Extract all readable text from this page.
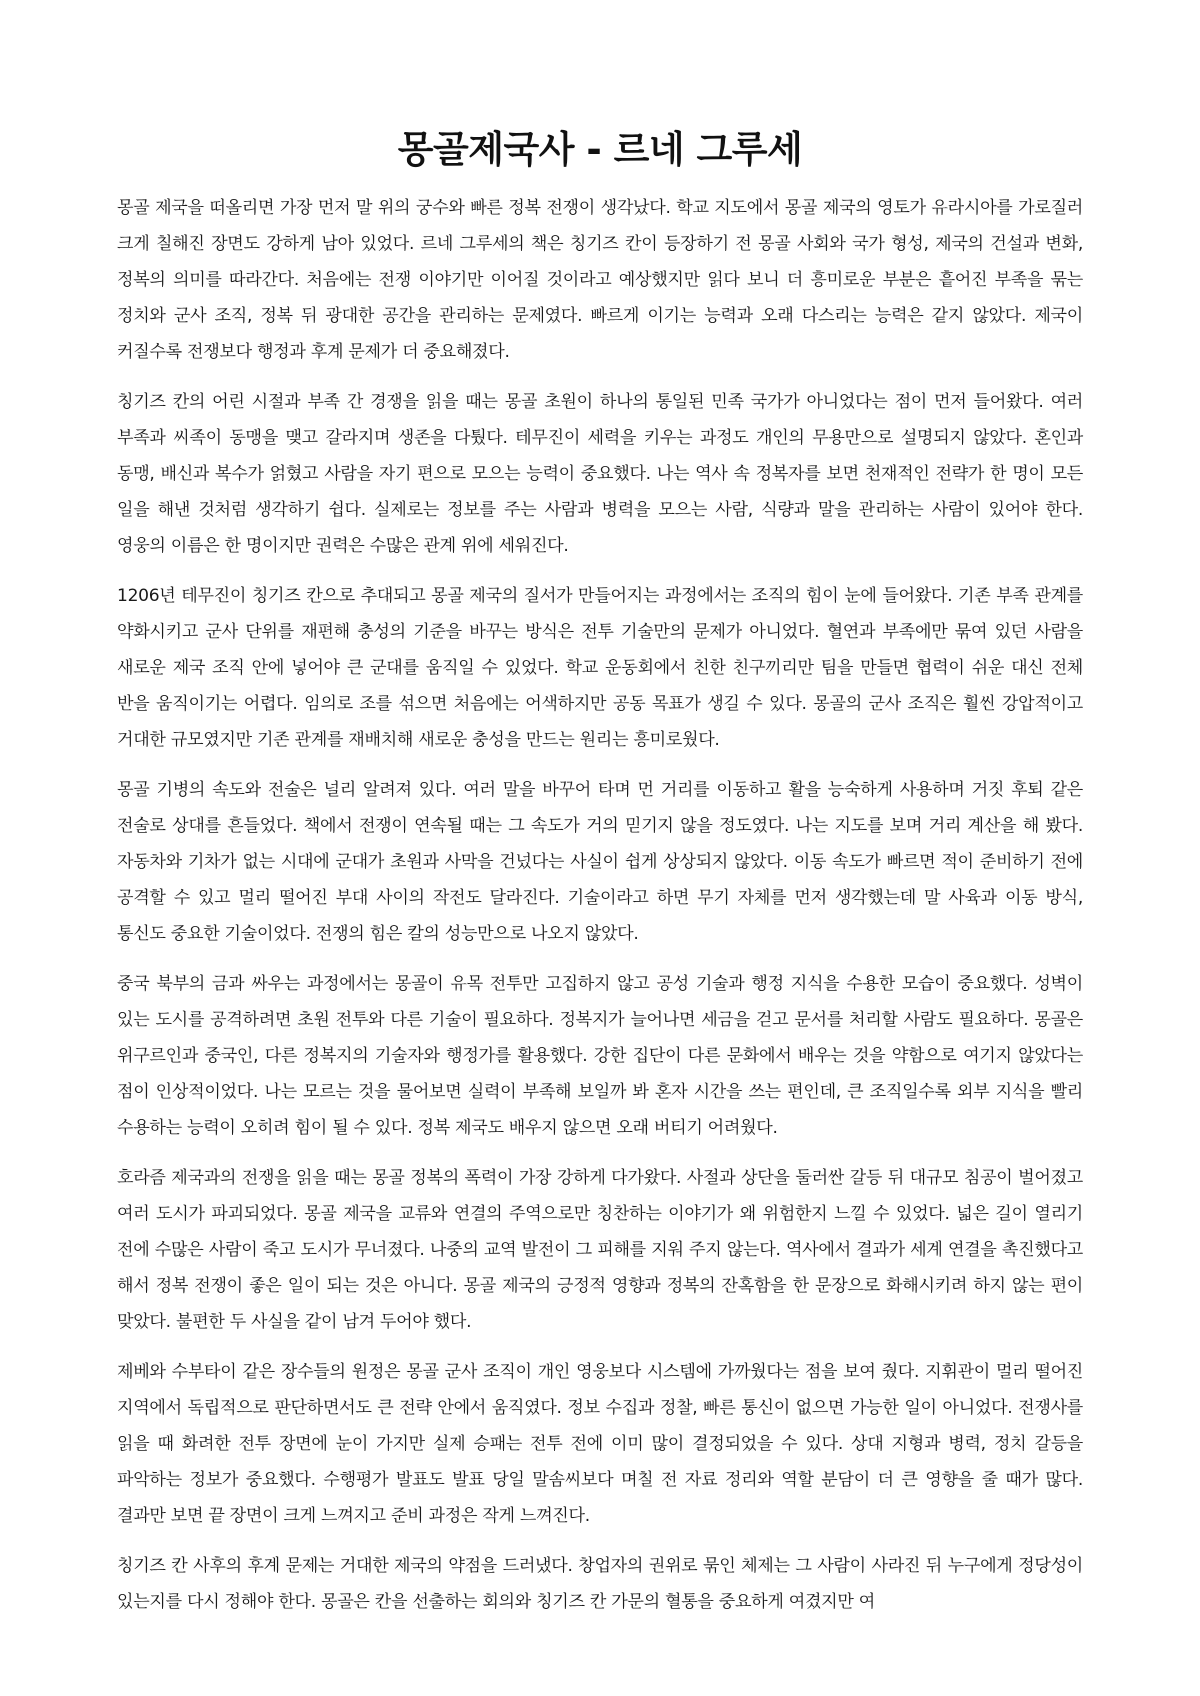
몽골제국사 - 르네 그루세

몽골 제국을 떠올리면 가장 먼저 말 위의 궁수와 빠른 정복 전쟁이 생각났다. 학교 지도에서 몽골 제국의 영토가 유라시아를 가로질러 크게 칠해진 장면도 강하게 남아 있었다. 르네 그루세의 책은 칭기즈 칸이 등장하기 전 몽골 사회와 국가 형성, 제국의 건설과 변화, 정복의 의미를 따라간다. 처음에는 전쟁 이야기만 이어질 것이라고 예상했지만 읽다 보니 더 흥미로운 부분은 흩어진 부족을 묶는 정치와 군사 조직, 정복 뒤 광대한 공간을 관리하는 문제였다. 빠르게 이기는 능력과 오래 다스리는 능력은 같지 않았다. 제국이 커질수록 전쟁보다 행정과 후계 문제가 더 중요해졌다.

칭기즈 칸의 어린 시절과 부족 간 경쟁을 읽을 때는 몽골 초원이 하나의 통일된 민족 국가가 아니었다는 점이 먼저 들어왔다. 여러 부족과 씨족이 동맹을 맺고 갈라지며 생존을 다퉜다. 테무진이 세력을 키우는 과정도 개인의 무용만으로 설명되지 않았다. 혼인과 동맹, 배신과 복수가 얽혔고 사람을 자기 편으로 모으는 능력이 중요했다. 나는 역사 속 정복자를 보면 천재적인 전략가 한 명이 모든 일을 해낸 것처럼 생각하기 쉽다. 실제로는 정보를 주는 사람과 병력을 모으는 사람, 식량과 말을 관리하는 사람이 있어야 한다. 영웅의 이름은 한 명이지만 권력은 수많은 관계 위에 세워진다.

1206년 테무진이 칭기즈 칸으로 추대되고 몽골 제국의 질서가 만들어지는 과정에서는 조직의 힘이 눈에 들어왔다. 기존 부족 관계를 약화시키고 군사 단위를 재편해 충성의 기준을 바꾸는 방식은 전투 기술만의 문제가 아니었다. 혈연과 부족에만 묶여 있던 사람을 새로운 제국 조직 안에 넣어야 큰 군대를 움직일 수 있었다. 학교 운동회에서 친한 친구끼리만 팀을 만들면 협력이 쉬운 대신 전체 반을 움직이기는 어렵다. 임의로 조를 섞으면 처음에는 어색하지만 공동 목표가 생길 수 있다. 몽골의 군사 조직은 훨씬 강압적이고 거대한 규모였지만 기존 관계를 재배치해 새로운 충성을 만드는 원리는 흥미로웠다.

몽골 기병의 속도와 전술은 널리 알려져 있다. 여러 말을 바꾸어 타며 먼 거리를 이동하고 활을 능숙하게 사용하며 거짓 후퇴 같은 전술로 상대를 흔들었다. 책에서 전쟁이 연속될 때는 그 속도가 거의 믿기지 않을 정도였다. 나는 지도를 보며 거리 계산을 해 봤다. 자동차와 기차가 없는 시대에 군대가 초원과 사막을 건넜다는 사실이 쉽게 상상되지 않았다. 이동 속도가 빠르면 적이 준비하기 전에 공격할 수 있고 멀리 떨어진 부대 사이의 작전도 달라진다. 기술이라고 하면 무기 자체를 먼저 생각했는데 말 사육과 이동 방식, 통신도 중요한 기술이었다. 전쟁의 힘은 칼의 성능만으로 나오지 않았다.

중국 북부의 금과 싸우는 과정에서는 몽골이 유목 전투만 고집하지 않고 공성 기술과 행정 지식을 수용한 모습이 중요했다. 성벽이 있는 도시를 공격하려면 초원 전투와 다른 기술이 필요하다. 정복지가 늘어나면 세금을 걷고 문서를 처리할 사람도 필요하다. 몽골은 위구르인과 중국인, 다른 정복지의 기술자와 행정가를 활용했다. 강한 집단이 다른 문화에서 배우는 것을 약함으로 여기지 않았다는 점이 인상적이었다. 나는 모르는 것을 물어보면 실력이 부족해 보일까 봐 혼자 시간을 쓰는 편인데, 큰 조직일수록 외부 지식을 빨리 수용하는 능력이 오히려 힘이 될 수 있다. 정복 제국도 배우지 않으면 오래 버티기 어려웠다.

호라즘 제국과의 전쟁을 읽을 때는 몽골 정복의 폭력이 가장 강하게 다가왔다. 사절과 상단을 둘러싼 갈등 뒤 대규모 침공이 벌어졌고 여러 도시가 파괴되었다. 몽골 제국을 교류와 연결의 주역으로만 칭찬하는 이야기가 왜 위험한지 느낄 수 있었다. 넓은 길이 열리기 전에 수많은 사람이 죽고 도시가 무너졌다. 나중의 교역 발전이 그 피해를 지워 주지 않는다. 역사에서 결과가 세계 연결을 촉진했다고 해서 정복 전쟁이 좋은 일이 되는 것은 아니다. 몽골 제국의 긍정적 영향과 정복의 잔혹함을 한 문장으로 화해시키려 하지 않는 편이 맞았다. 불편한 두 사실을 같이 남겨 두어야 했다.

제베와 수부타이 같은 장수들의 원정은 몽골 군사 조직이 개인 영웅보다 시스템에 가까웠다는 점을 보여 줬다. 지휘관이 멀리 떨어진 지역에서 독립적으로 판단하면서도 큰 전략 안에서 움직였다. 정보 수집과 정찰, 빠른 통신이 없으면 가능한 일이 아니었다. 전쟁사를 읽을 때 화려한 전투 장면에 눈이 가지만 실제 승패는 전투 전에 이미 많이 결정되었을 수 있다. 상대 지형과 병력, 정치 갈등을 파악하는 정보가 중요했다. 수행평가 발표도 발표 당일 말솜씨보다 며칠 전 자료 정리와 역할 분담이 더 큰 영향을 줄 때가 많다. 결과만 보면 끝 장면이 크게 느껴지고 준비 과정은 작게 느껴진다.

칭기즈 칸 사후의 후계 문제는 거대한 제국의 약점을 드러냈다. 창업자의 권위로 묶인 체제는 그 사람이 사라진 뒤 누구에게 정당성이 있는지를 다시 정해야 한다. 몽골은 칸을 선출하는 회의와 칭기즈 칸 가문의 혈통을 중요하게 여겼지만 여
